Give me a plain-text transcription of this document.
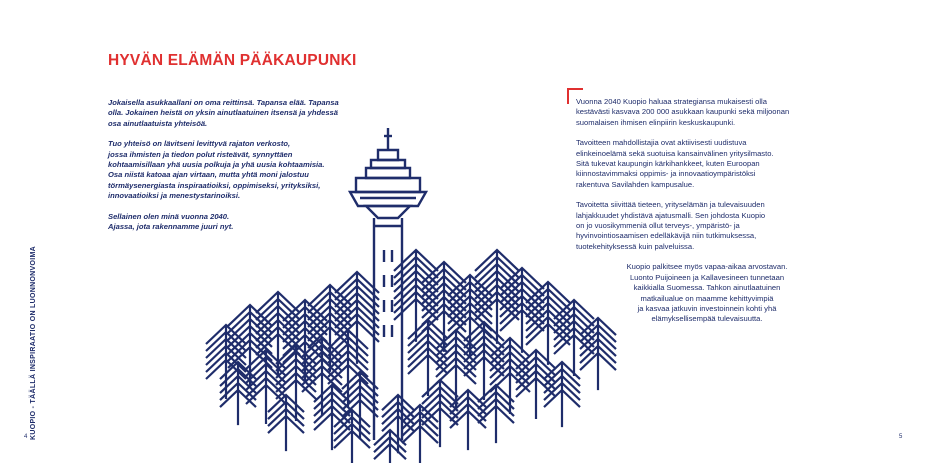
HYVÄN ELÄMÄN PÄÄKAUPUNKI

Jokaisella asukkaallani on oma reittinsä. Tapansa elää. Tapansa
olla. Jokainen heistä on yksin ainutlaatuinen itsensä ja yhdessä
osa ainutlaatuista yhteisöä.

Tuo yhteisö on lävitseni levittyvä rajaton verkosto,
jossa ihmisten ja tiedon polut risteävät, synnyttäen
kohtaamisillaan yhä uusia polkuja ja yhä uusia kohtaamisia.
Osa niistä katoaa ajan virtaan, mutta yhtä moni jalostuu
törmäysenergiasta inspiraatioiksi, oppimiseksi, yrityksiksi,
innovaatioiksi ja menestystarinoiksi.

Sellainen olen minä vuonna 2040.
Ajassa, jota rakennamme juuri nyt.

Vuonna 2040 Kuopio haluaa strategiansa mukaisesti olla
kestävästi kasvava 200 000 asukkaan kaupunki sekä miljoonan
suomalaisen ihmisen elinpiirin keskuskaupunki.

Tavoitteen mahdollistajia ovat aktiivisesti uudistuva
elinkeinoelämä sekä suotuisa kansainvälinen yritysilmasto.
Sitä tukevat kaupungin kärkihankkeet, kuten Euroopan
kiinnostavimmaksi oppimis- ja innovaatioympäristöksi
rakentuva Savilahden kampusalue.

Tavoitetta siivittää tieteen, yrityselämän ja tulevaisuuden
lahjakkuudet yhdistävä ajatusmalli. Sen johdosta Kuopio
on jo vuosikymmeniä ollut terveys-, ympäristö- ja
hyvinvointiosaamisen edelläkävijä niin tutkimuksessa,
tuotekehityksessä kuin palveluissa.

Kuopio palkitsee myös vapaa-aikaa arvostavan.
Luonto Puijoineen ja Kallavesineen tunnetaan
kaikkialla Suomessa. Tahkon ainutlaatuinen
matkailualue on maamme kehittyvimpiä
ja kasvaa jatkuvin investoinnein kohti yhä
elämyksellisempää tulevaisuutta.

KUOPIO - TÄÄLLÄ INSPIRAATIO ON LUONNONVOIMA
4	5
